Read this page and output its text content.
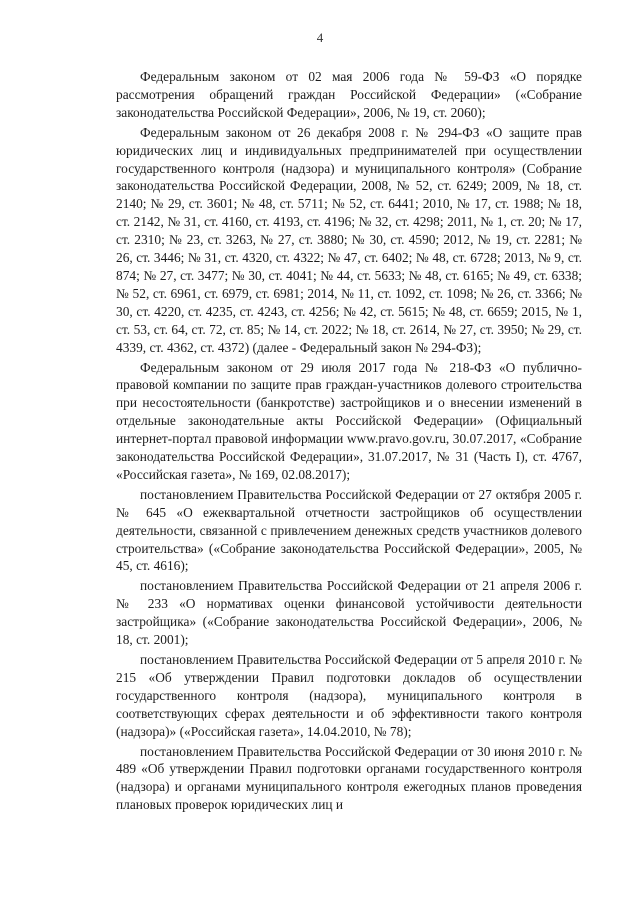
4

Федеральным законом от 02 мая 2006 года № 59-ФЗ «О порядке рассмотрения обращений граждан Российской Федерации» («Собрание законодательства Российской Федерации», 2006, № 19, ст. 2060);

Федеральным законом от 26 декабря 2008 г. № 294-ФЗ «О защите прав юридических лиц и индивидуальных предпринимателей при осуществлении государственного контроля (надзора) и муниципального контроля» (Собрание законодательства Российской Федерации, 2008, № 52, ст. 6249; 2009, № 18, ст. 2140; № 29, ст. 3601; № 48, ст. 5711; № 52, ст. 6441; 2010, № 17, ст. 1988; № 18, ст. 2142, № 31, ст. 4160, ст. 4193, ст. 4196; № 32, ст. 4298; 2011, № 1, ст. 20; № 17, ст. 2310; № 23, ст. 3263, № 27, ст. 3880; № 30, ст. 4590; 2012, № 19, ст. 2281; № 26, ст. 3446; № 31, ст. 4320, ст. 4322; № 47, ст. 6402; № 48, ст. 6728; 2013, № 9, ст. 874; № 27, ст. 3477; № 30, ст. 4041; № 44, ст. 5633; № 48, ст. 6165; № 49, ст. 6338; № 52, ст. 6961, ст. 6979, ст. 6981; 2014, № 11, ст. 1092, ст. 1098; № 26, ст. 3366; № 30, ст. 4220, ст. 4235, ст. 4243, ст. 4256; № 42, ст. 5615; № 48, ст. 6659; 2015, № 1, ст. 53, ст. 64, ст. 72, ст. 85; № 14, ст. 2022; № 18, ст. 2614, № 27, ст. 3950; № 29, ст. 4339, ст. 4362, ст. 4372) (далее - Федеральный закон № 294-ФЗ);

Федеральным законом от 29 июля 2017 года № 218-ФЗ «О публично-правовой компании по защите прав граждан-участников долевого строительства при несостоятельности (банкротстве) застройщиков и о внесении изменений в отдельные законодательные акты Российской Федерации» (Официальный интернет-портал правовой информации www.pravo.gov.ru, 30.07.2017, «Собрание законодательства Российской Федерации», 31.07.2017, № 31 (Часть I), ст. 4767, «Российская газета», № 169, 02.08.2017);

постановлением Правительства Российской Федерации от 27 октября 2005 г. № 645 «О ежеквартальной отчетности застройщиков об осуществлении деятельности, связанной с привлечением денежных средств участников долевого строительства» («Собрание законодательства Российской Федерации», 2005, № 45, ст. 4616);

постановлением Правительства Российской Федерации от 21 апреля 2006 г. № 233 «О нормативах оценки финансовой устойчивости деятельности застройщика» («Собрание законодательства Российской Федерации», 2006, № 18, ст. 2001);

постановлением Правительства Российской Федерации от 5 апреля 2010 г. № 215 «Об утверждении Правил подготовки докладов об осуществлении государственного контроля (надзора), муниципального контроля в соответствующих сферах деятельности и об эффективности такого контроля (надзора)» («Российская газета», 14.04.2010, № 78);

постановлением Правительства Российской Федерации от 30 июня 2010 г. № 489 «Об утверждении Правил подготовки органами государственного контроля (надзора) и органами муниципального контроля ежегодных планов проведения плановых проверок юридических лиц и
